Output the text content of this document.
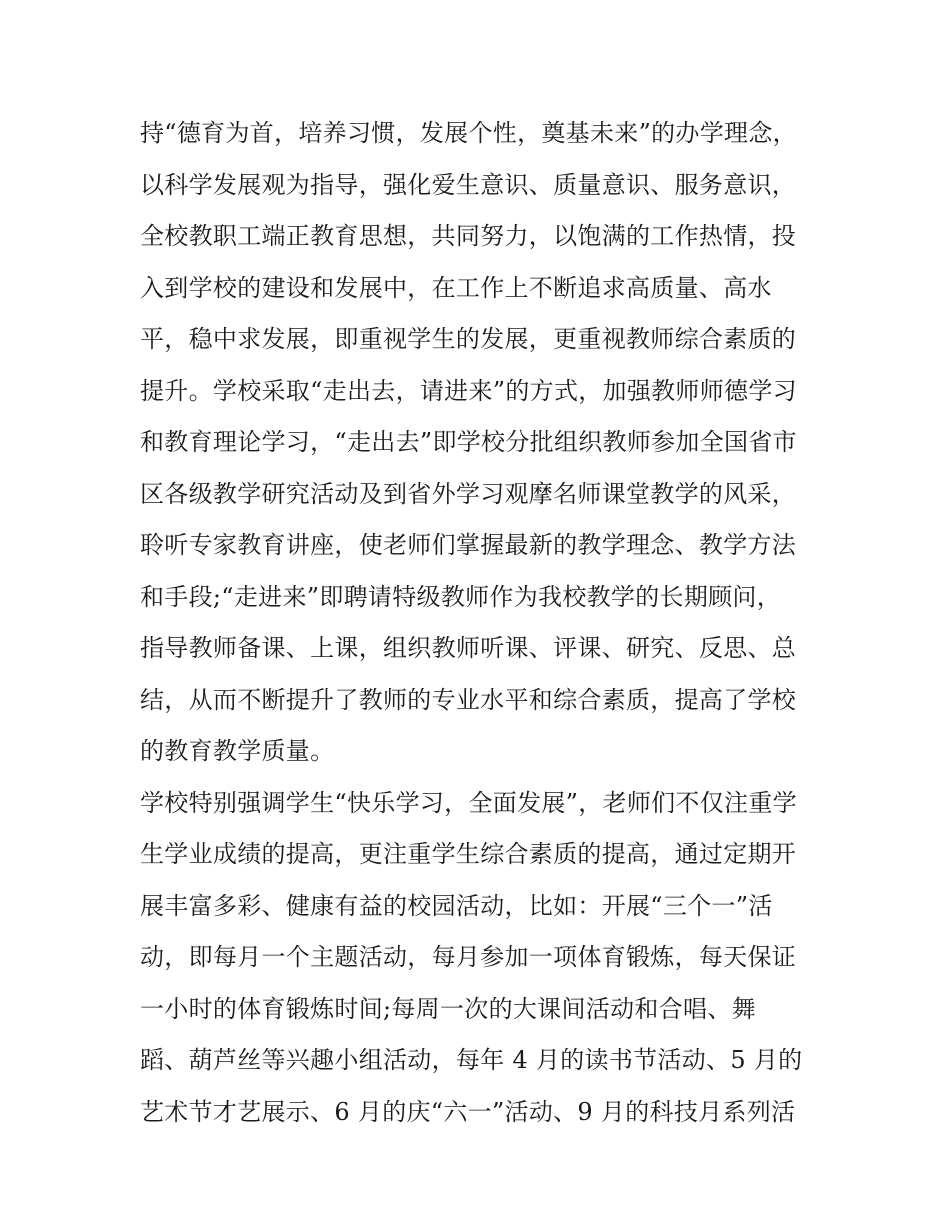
持“德育为首，培养习惯，发展个性，奠基未来”的办学理念，
以科学发展观为指导，强化爱生意识、质量意识、服务意识，
全校教职工端正教育思想，共同努力，以饱满的工作热情，投
入到学校的建设和发展中，在工作上不断追求高质量、高水
平，稳中求发展，即重视学生的发展，更重视教师综合素质的
提升。学校采取“走出去，请进来”的方式，加强教师师德学习
和教育理论学习，“走出去”即学校分批组织教师参加全国省市
区各级教学研究活动及到省外学习观摩名师课堂教学的风采，
聆听专家教育讲座，使老师们掌握最新的教学理念、教学方法
和手段;“走进来”即聘请特级教师作为我校教学的长期顾问，
指导教师备课、上课，组织教师听课、评课、研究、反思、总
结，从而不断提升了教师的专业水平和综合素质，提高了学校
的教育教学质量。
学校特别强调学生“快乐学习，全面发展”，老师们不仅注重学
生学业成绩的提高，更注重学生综合素质的提高，通过定期开
展丰富多彩、健康有益的校园活动，比如：开展“三个一”活
动，即每月一个主题活动，每月参加一项体育锻炼，每天保证
一小时的体育锻炼时间;每周一次的大课间活动和合唱、舞
蹈、葫芦丝等兴趣小组活动，每年 4 月的读书节活动、5 月的
艺术节才艺展示、6 月的庆“六一”活动、9 月的科技月系列活
